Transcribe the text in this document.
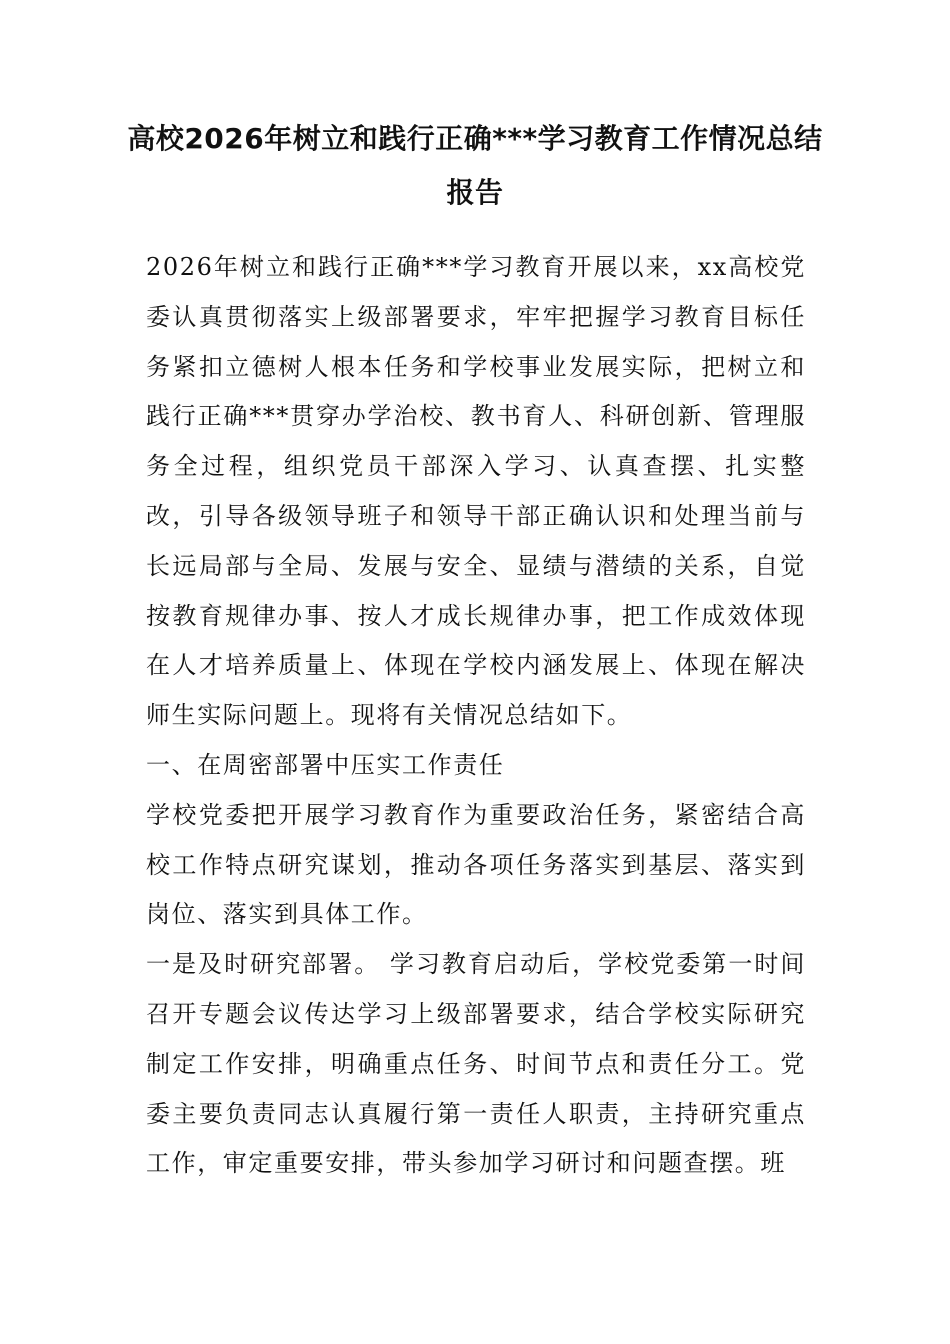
高校2026年树立和践行正确***学习教育工作情况总结报告

2026年树立和践行正确***学习教育开展以来，xx高校党委认真贯彻落实上级部署要求，牢牢把握学习教育目标任务紧扣立德树人根本任务和学校事业发展实际，把树立和践行正确***贯穿办学治校、教书育人、科研创新、管理服务全过程，组织党员干部深入学习、认真查摆、扎实整改，引导各级领导班子和领导干部正确认识和处理当前与长远局部与全局、发展与安全、显绩与潜绩的关系，自觉按教育规律办事、按人才成长规律办事，把工作成效体现在人才培养质量上、体现在学校内涵发展上、体现在解决师生实际问题上。现将有关情况总结如下。

一、在周密部署中压实工作责任

学校党委把开展学习教育作为重要政治任务，紧密结合高校工作特点研究谋划，推动各项任务落实到基层、落实到岗位、落实到具体工作。

一是及时研究部署。 学习教育启动后，学校党委第一时间召开专题会议传达学习上级部署要求，结合学校实际研究制定工作安排，明确重点任务、时间节点和责任分工。党委主要负责同志认真履行第一责任人职责，主持研究重点工作，审定重要安排，带头参加学习研讨和问题查摆。班
